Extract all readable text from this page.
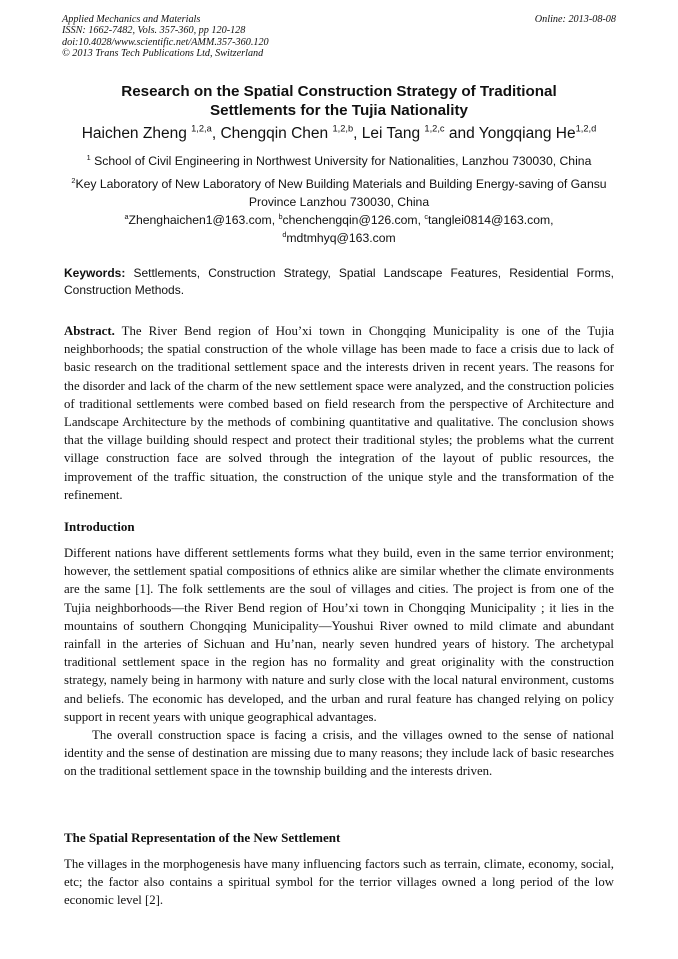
Applied Mechanics and Materials
ISSN: 1662-7482, Vols. 357-360, pp 120-128
doi:10.4028/www.scientific.net/AMM.357-360.120
© 2013 Trans Tech Publications Ltd, Switzerland
Online: 2013-08-08
Research on the Spatial Construction Strategy of Traditional
Settlements for the Tujia Nationality
Haichen Zheng $^{1,2,a}$, Chengqin Chen $^{1,2,b}$, Lei Tang $^{1,2,c}$ and Yongqiang He$^{1,2,d}$
$^1$ School of Civil Engineering in Northwest University for Nationalities, Lanzhou 730030, China
$^2$Key Laboratory of New Laboratory of New Building Materials and Building Energy-saving of Gansu Province Lanzhou 730030, China
$^a$Zhenghaichen1@163.com, $^b$chenchengqin@126.com, $^c$tanglei0814@163.com,
$^d$mdtmhyq@163.com
Keywords: Settlements, Construction Strategy, Spatial Landscape Features, Residential Forms, Construction Methods.
Abstract. The River Bend region of Hou’xi town in Chongqing Municipality is one of the Tujia neighborhoods; the spatial construction of the whole village has been made to face a crisis due to lack of basic research on the traditional settlement space and the interests driven in recent years. The reasons for the disorder and lack of the charm of the new settlement space were analyzed, and the construction policies of traditional settlements were combed based on field research from the perspective of Architecture and Landscape Architecture by the methods of combining quantitative and qualitative. The conclusion shows that the village building should respect and protect their traditional styles; the problems what the current village construction face are solved through the integration of the layout of public resources, the improvement of the traffic situation, the construction of the unique style and the transformation of the refinement.
Introduction

Different nations have different settlements forms what they build, even in the same terrior environment; however, the settlement spatial compositions of ethnics alike are similar whether the climate environments are the same [1]. The folk settlements are the soul of villages and cities. The project is from one of the Tujia neighborhoods—the River Bend region of Hou’xi town in Chongqing Municipality ; it lies in the mountains of southern Chongqing Municipality—Youshui River owned to mild climate and abundant rainfall in the arteries of Sichuan and Hu’nan, nearly seven hundred years of history. The archetypal traditional settlement space in the region has no formality and great originality with the construction strategy, namely being in harmony with nature and surly close with the local natural environment, customs and beliefs. The economic has developed, and the urban and rural feature has changed relying on policy support in recent years with unique geographical advantages.

The overall construction space is facing a crisis, and the villages owned to the sense of national identity and the sense of destination are missing due to many reasons; they include lack of basic researches on the traditional settlement space in the township building and the interests driven.

The Spatial Representation of the New Settlement

The villages in the morphogenesis have many influencing factors such as terrain, climate, economy, social, etc; the factor also contains a spiritual symbol for the terrior villages owned a long period of the low economic level [2].
